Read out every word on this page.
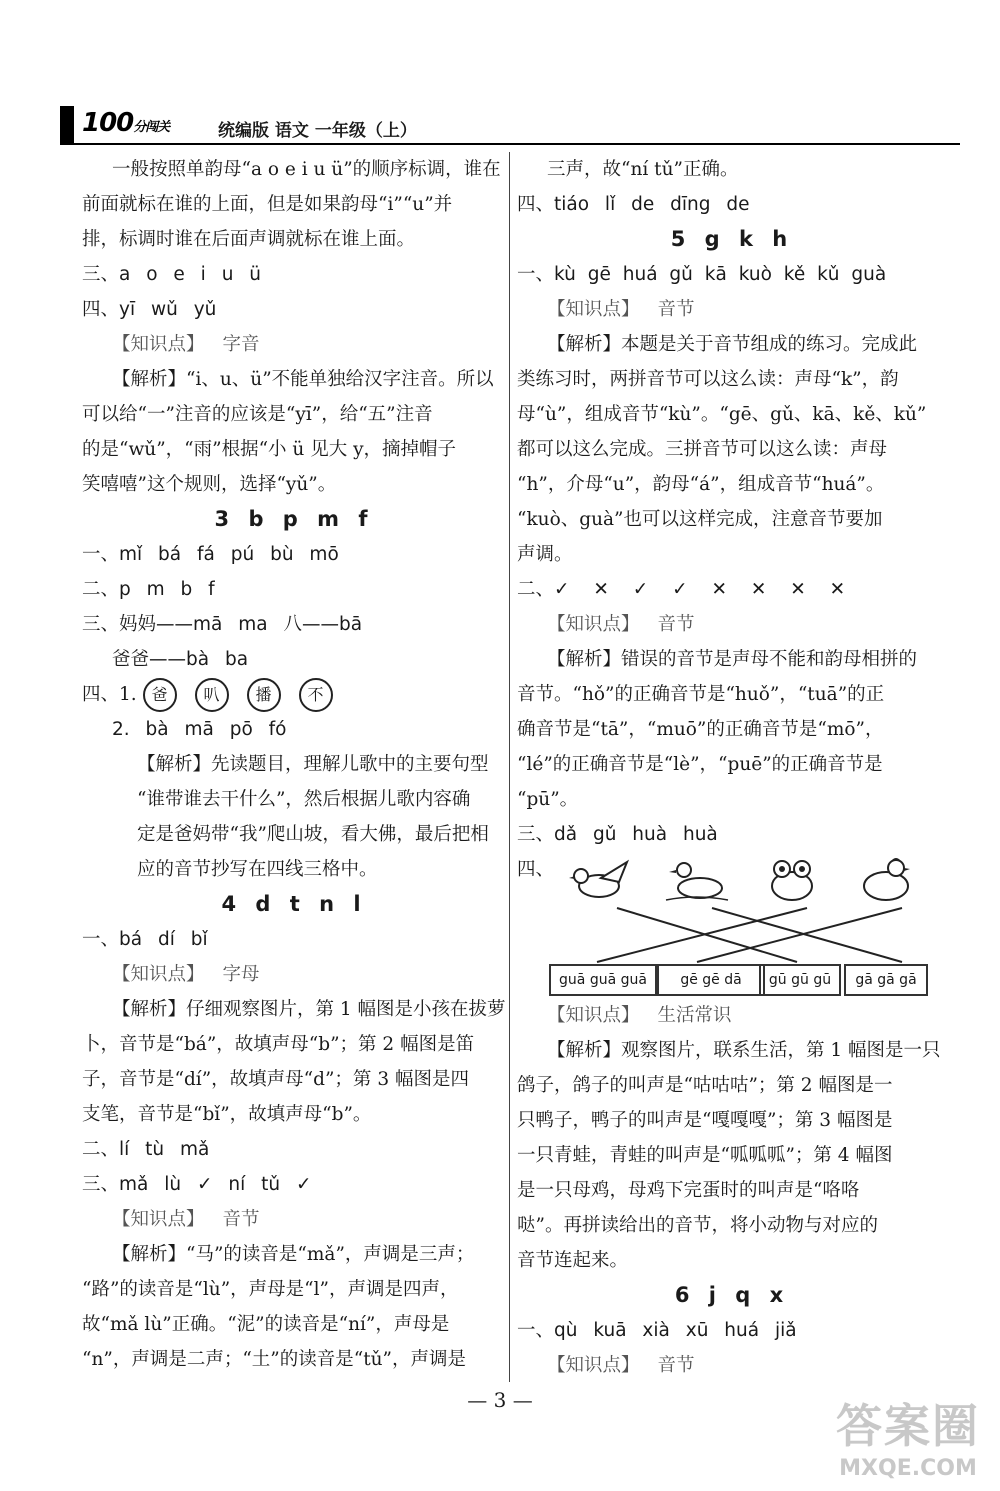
100分闯关	统编版 语文 一年级（上）

一般按照单韵母“a o e i u ü”的顺序标调，谁在

前面就标在谁的上面，但是如果韵母“i”“u”并

排，标调时谁在后面声调就标在谁上面。

三、a o e i u ü

四、yī wǔ yǔ

【知识点】 字音

【解析】“i、u、ü”不能单独给汉字注音。所以

可以给“一”注音的应该是“yī”，给“五”注音

的是“wǔ”，“雨”根据“小 ü 见大 y，摘掉帽子

笑嘻嘻”这个规则，选择“yǔ”。

3 b p m f

一、mǐ bá fá pú bù mō

二、p m b f

三、妈妈——mā ma 八——bā

爸爸——bà ba

四、1. 爸 叭 播 不

2. bà mā pō fó

【解析】先读题目，理解儿歌中的主要句型

“谁带谁去干什么”，然后根据儿歌内容确

定是爸妈带“我”爬山坡，看大佛，最后把相

应的音节抄写在四线三格中。

4 d t n l

一、bá dí bǐ

【知识点】 字母

【解析】仔细观察图片，第 1 幅图是小孩在拔萝

卜，音节是“bá”，故填声母“b”；第 2 幅图是笛

子，音节是“dí”，故填声母“d”；第 3 幅图是四

支笔，音节是“bǐ”，故填声母“b”。

二、lí tù mǎ

三、mǎ lù ✓ ní tǔ ✓

【知识点】 音节

【解析】“马”的读音是“mǎ”，声调是三声；

“路”的读音是“lù”，声母是“l”，声调是四声，

故“mǎ lù”正确。“泥”的读音是“ní”，声母是

“n”，声调是二声；“土”的读音是“tǔ”，声调是

三声，故“ní tǔ”正确。

四、tiáo lǐ de dīng de

5 g k h

一、kù gē huá gǔ kā kuò kě kǔ guà

【知识点】 音节

【解析】本题是关于音节组成的练习。完成此

类练习时，两拼音节可以这么读：声母“k”，韵

母“ù”，组成音节“kù”。“gē、gǔ、kā、kě、kǔ”

都可以这么完成。三拼音节可以这么读：声母

“h”，介母“u”，韵母“á”，组成音节“huá”。

“kuò、guà”也可以这样完成，注意音节要加

声调。

二、✓ ✕ ✓ ✓ ✕ ✕ ✕ ✕

【知识点】 音节

【解析】错误的音节是声母不能和韵母相拼的

音节。“hǒ”的正确音节是“huǒ”，“tuā”的正

确音节是“tā”，“muō”的正确音节是“mō”，

“lé”的正确音节是“lè”，“puē”的正确音节是

“pū”。

三、dǎ gǔ huà huà

四、

guā guā guā	gē gē dā	gū gū gū	gā gā gā

【知识点】 生活常识

【解析】观察图片，联系生活，第 1 幅图是一只

鸽子，鸽子的叫声是“咕咕咕”；第 2 幅图是一

只鸭子，鸭子的叫声是“嘎嘎嘎”；第 3 幅图是

一只青蛙，青蛙的叫声是“呱呱呱”；第 4 幅图

是一只母鸡，母鸡下完蛋时的叫声是“咯咯

哒”。再拼读给出的音节，将小动物与对应的

音节连起来。

6 j q x

一、qù kuā xià xū huá jiǎ

【知识点】 音节

— 3 —	答案圈
MXQE.COM
